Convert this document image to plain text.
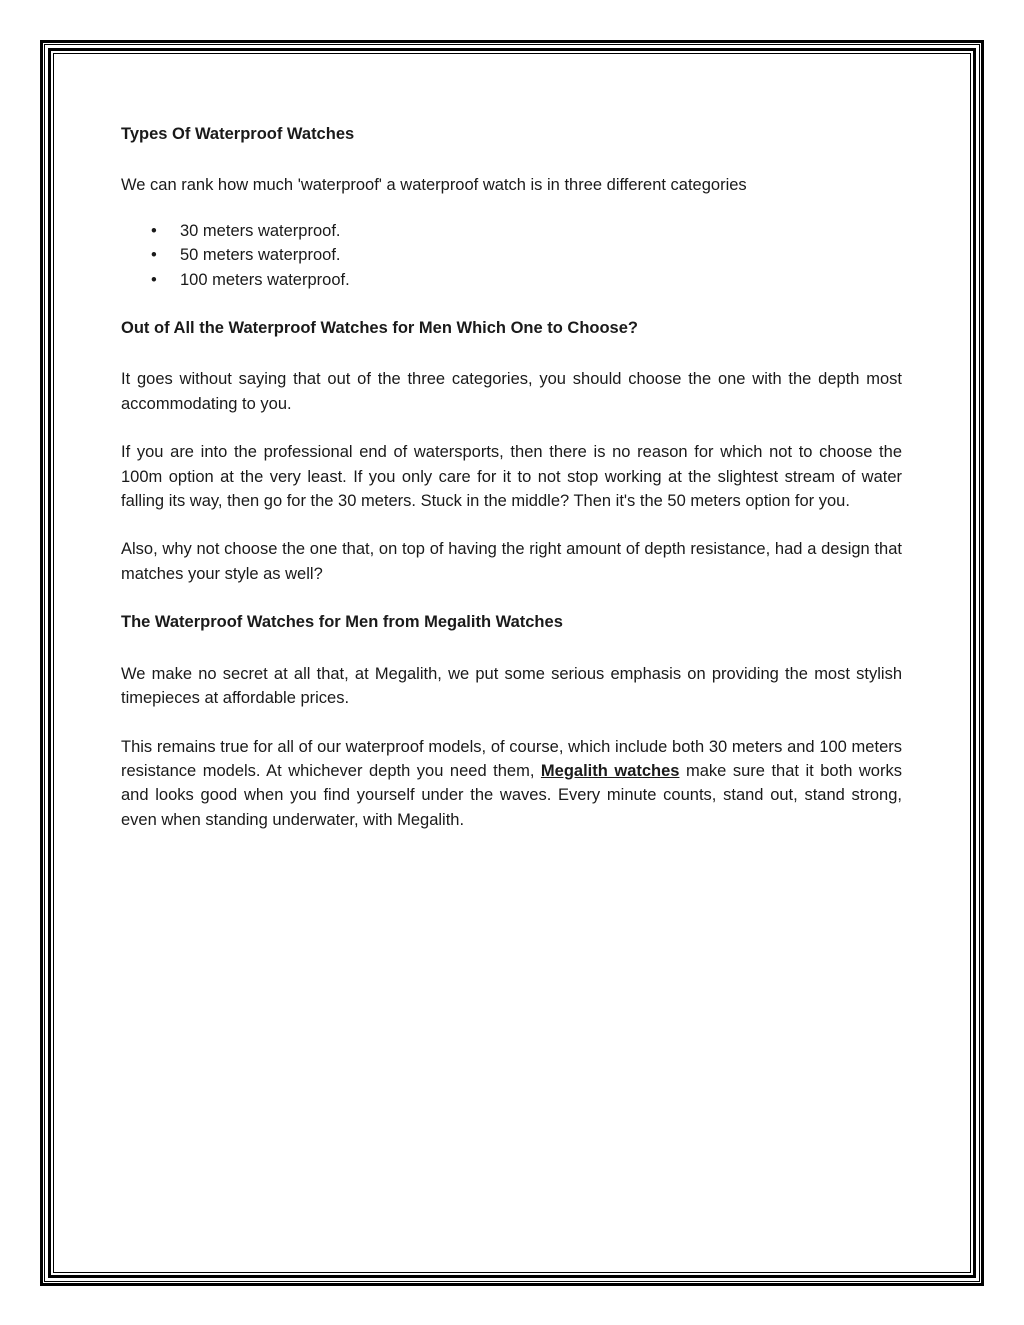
Types Of Waterproof Watches

We can rank how much 'waterproof' a waterproof watch is in three different categories

• 30 meters waterproof.
• 50 meters waterproof.
• 100 meters waterproof.

Out of All the Waterproof Watches for Men Which One to Choose?

It goes without saying that out of the three categories, you should choose the one with the depth most accommodating to you.

If you are into the professional end of watersports, then there is no reason for which not to choose the 100m option at the very least. If you only care for it to not stop working at the slightest stream of water falling its way, then go for the 30 meters. Stuck in the middle? Then it's the 50 meters option for you.

Also, why not choose the one that, on top of having the right amount of depth resistance, had a design that matches your style as well?

The Waterproof Watches for Men from Megalith Watches

We make no secret at all that, at Megalith, we put some serious emphasis on providing the most stylish timepieces at affordable prices.

This remains true for all of our waterproof models, of course, which include both 30 meters and 100 meters resistance models. At whichever depth you need them, Megalith watches make sure that it both works and looks good when you find yourself under the waves. Every minute counts, stand out, stand strong, even when standing underwater, with Megalith.
